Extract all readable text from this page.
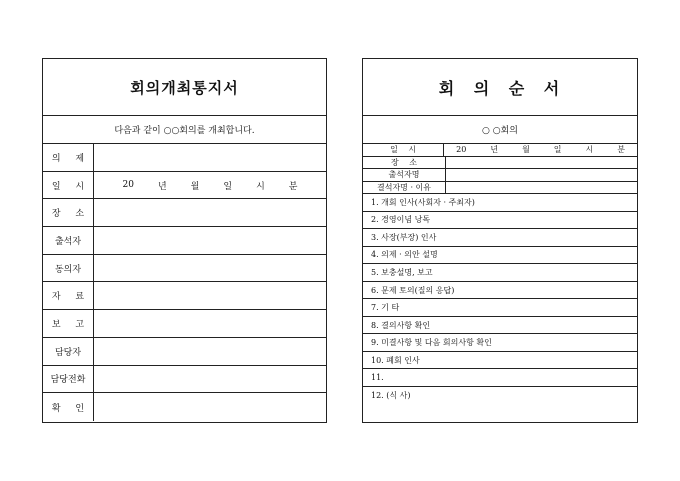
회의개최통지서
다음과 같이 ○○회의를 개최합니다.
의 제
일 시	20	년	월	일	시	분
장 소
출석자
동의자
자 료
보 고
담당자
담당전화
확 인
회 의 순 서
○ ○회의
일 시	20	년	월	일	시	분
장 소
출석자명
결석자명 · 이유
1. 개회 인사(사회자 · 주최자)
2. 경영이념 낭독
3. 사장(부장) 인사
4. 의제 · 의안 설명
5. 보충설명, 보고
6. 문제 토의(질의 응답)
7. 기 타
8. 결의사항 확인
9. 미결사항 및 다음 회의사항 확인
10. 폐회 인사
11.
12. (식 사)
